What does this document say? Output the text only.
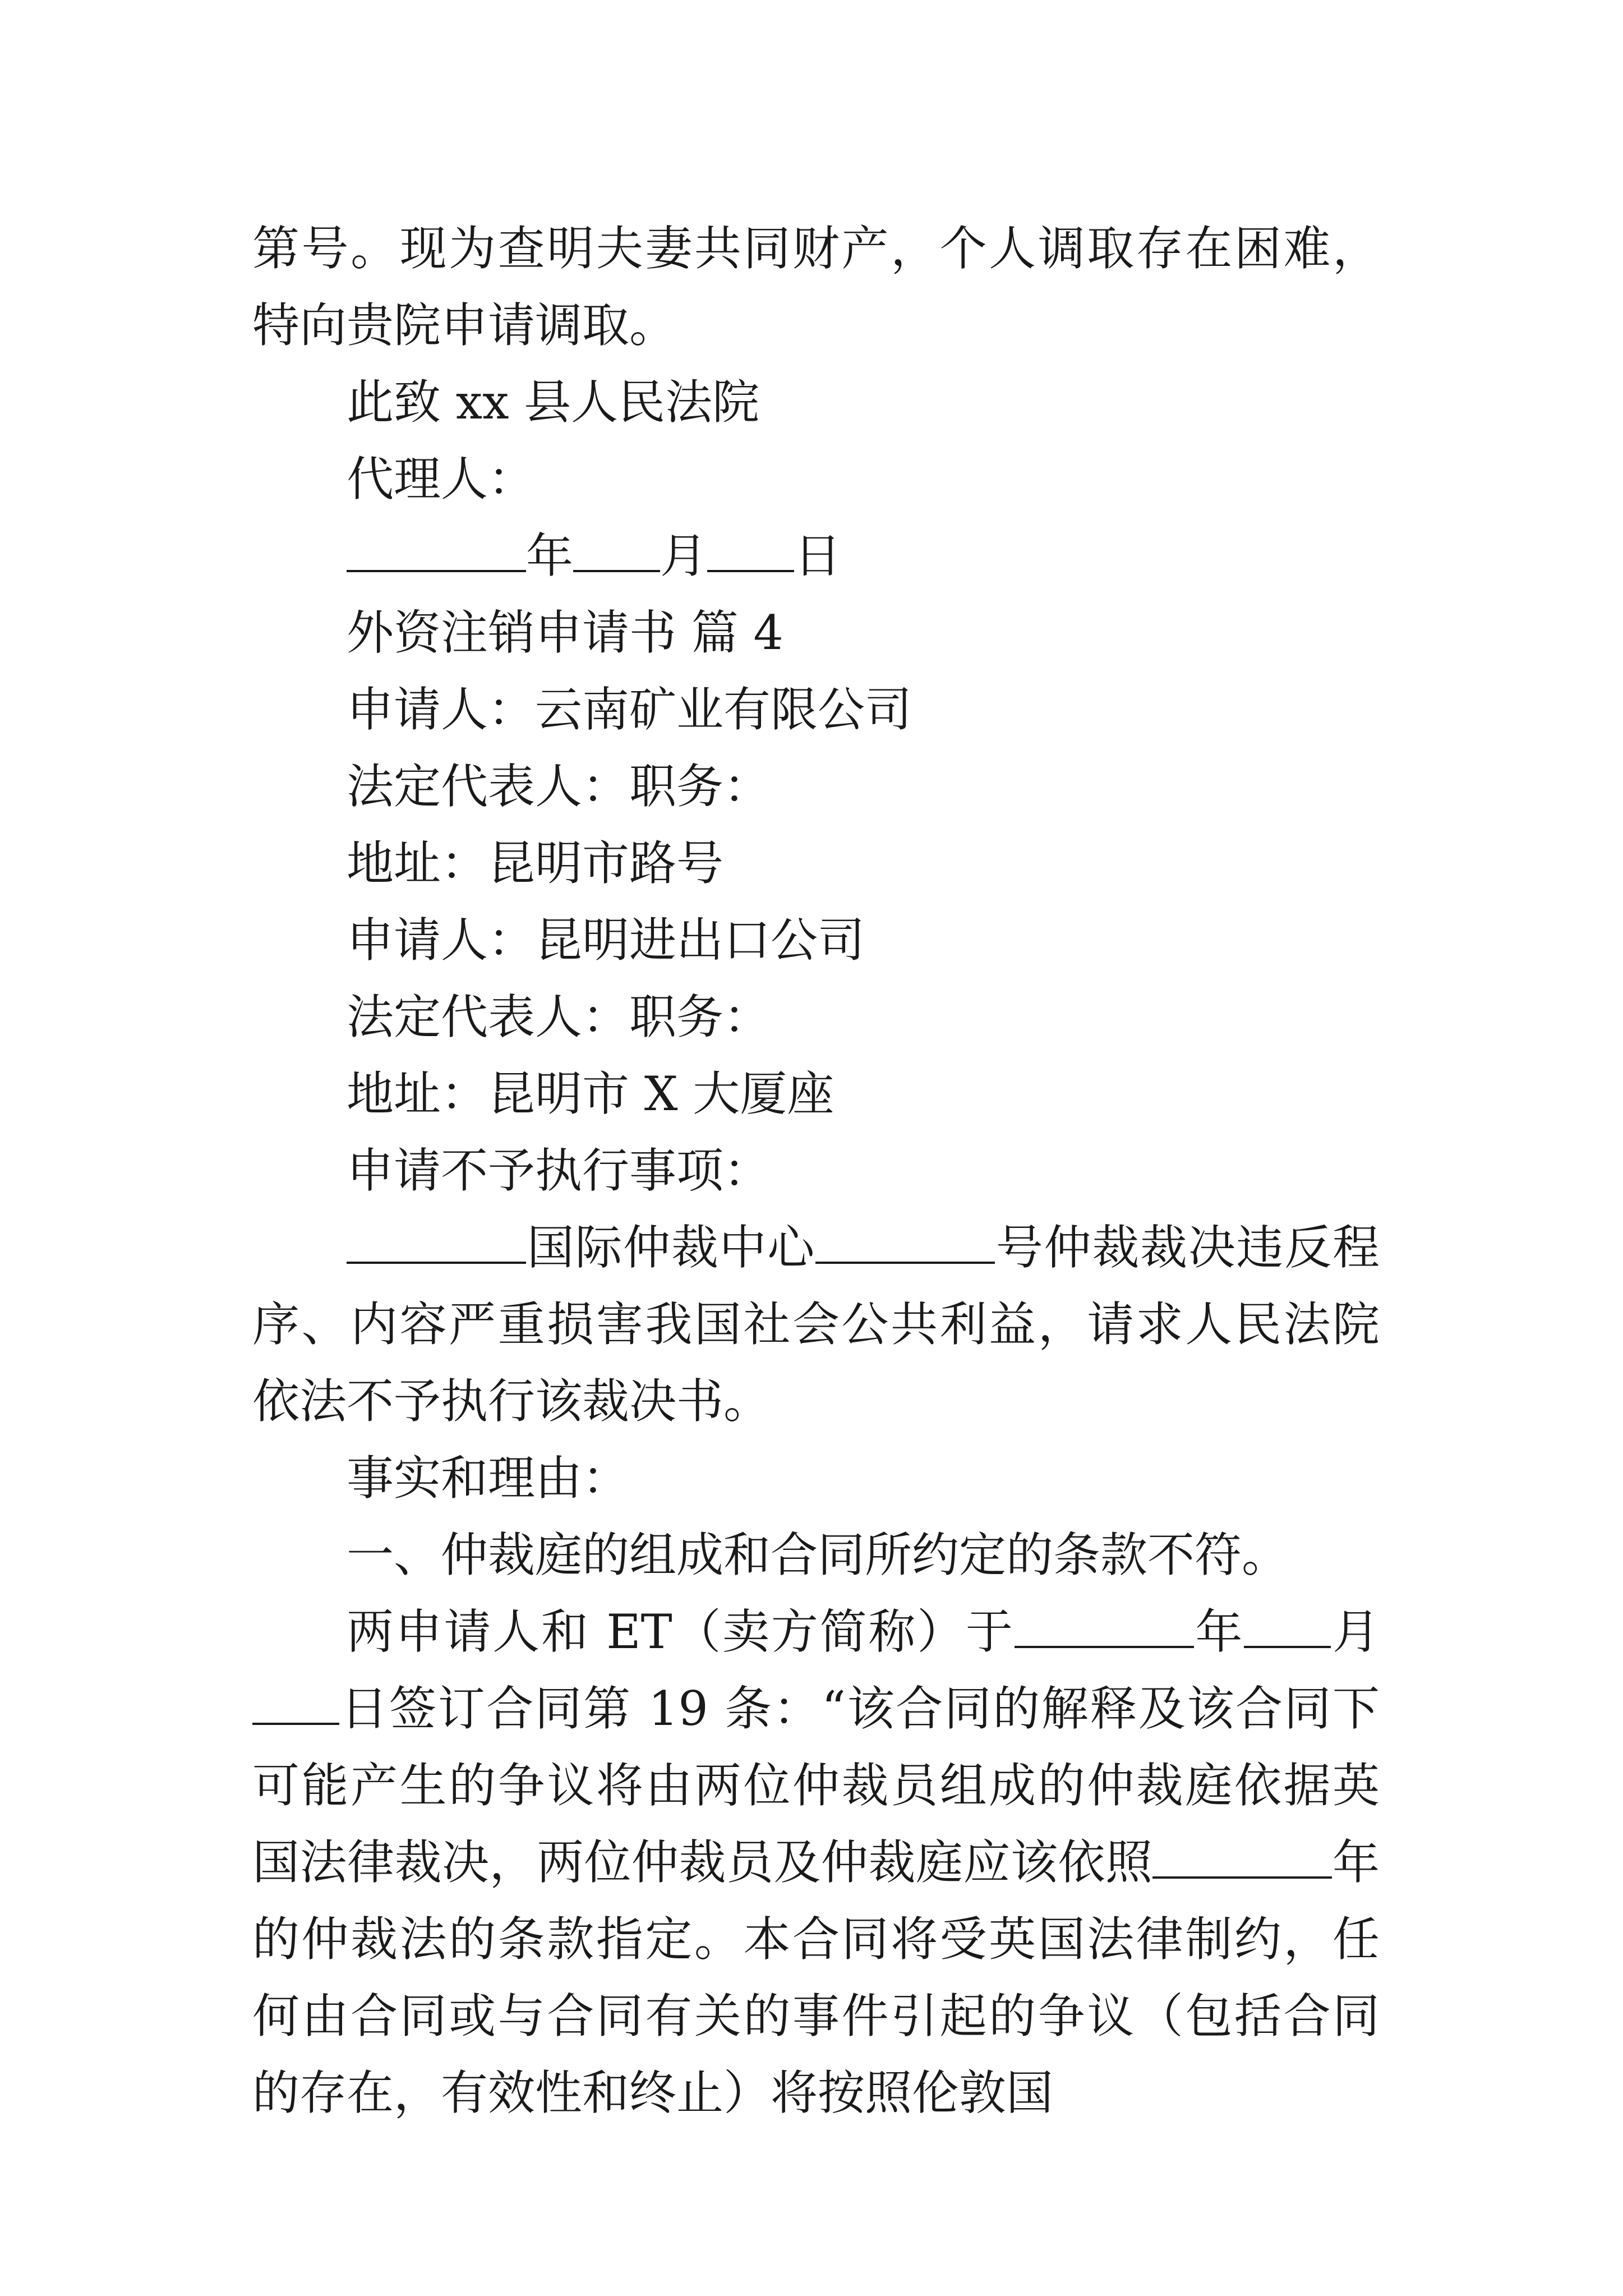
第号。现为查明夫妻共同财产，个人调取存在困难，特向贵院申请调取。

此致 xx 县人民法院

代理人：

年 月 日

外资注销申请书 篇 4

申请人：云南矿业有限公司

法定代表人：职务：

地址：昆明市路号

申请人：昆明进出口公司

法定代表人：职务：

地址：昆明市 X 大厦座

申请不予执行事项：

国际仲裁中心	号仲裁裁决违反程序、内容严重损害我国社会公共利益，请求人民法院依法不予执行该裁决书。

事实和理由：

一、仲裁庭的组成和合同所约定的条款不符。

两申请人和 ET（卖方简称）于	年 月日签订合同第 19 条：“该合同的解释及该合同下可能产生的争议将由两位仲裁员组成的仲裁庭依据英国法律裁决，两位仲裁员及仲裁庭应该依照	年的仲裁法的条款指定。本合同将受英国法律制约，任何由合同或与合同有关的事件引起的争议（包括合同的存在，有效性和终止）将按照伦敦国
